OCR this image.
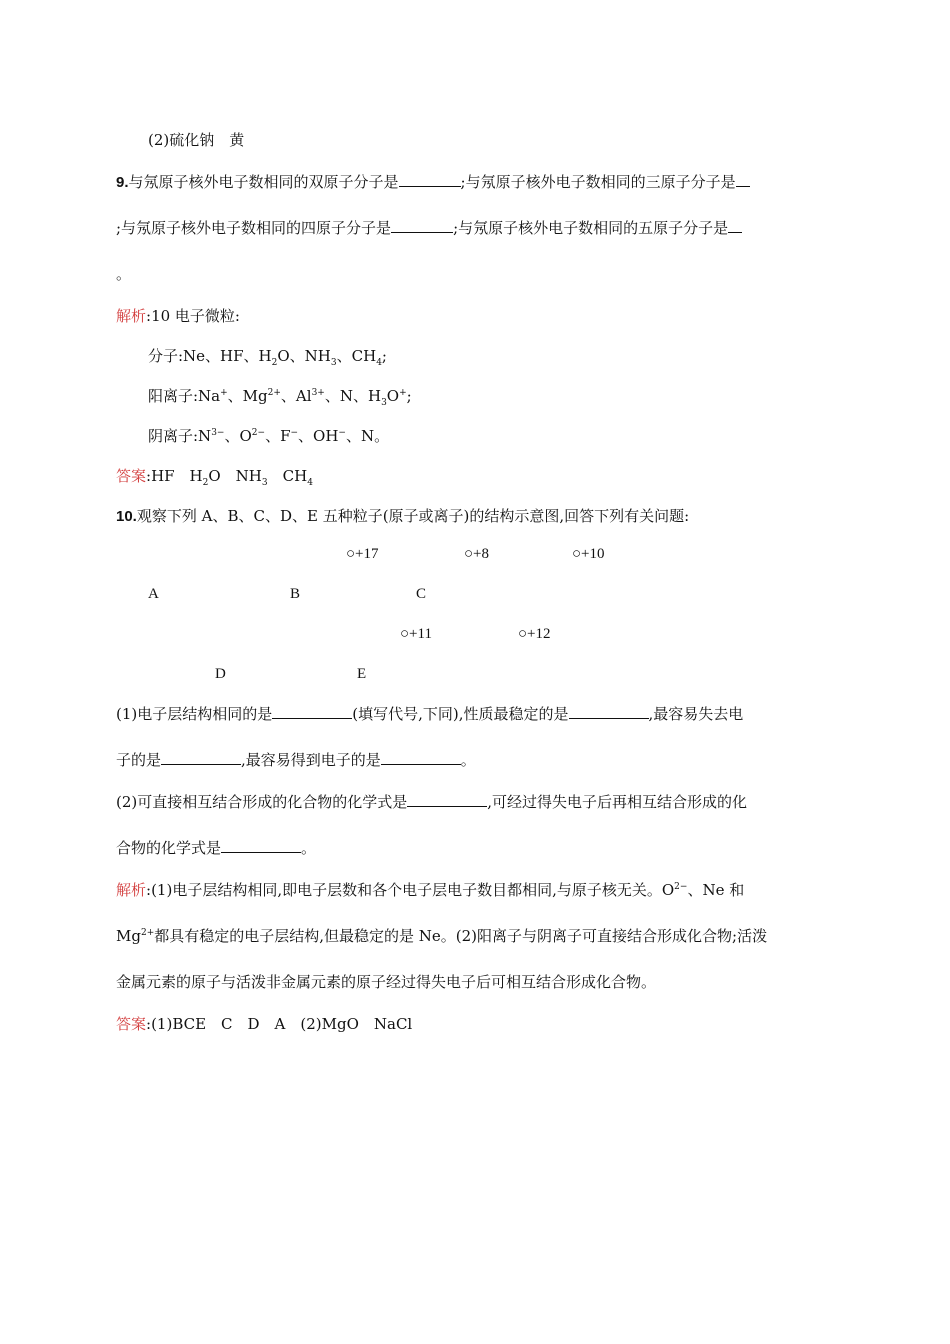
(2)硫化钠　黄
9.与氖原子核外电子数相同的双原子分子是	;与氖原子核外电子数相同的三原子分子是
;与氖原子核外电子数相同的四原子分子是	;与氖原子核外电子数相同的五原子分子是
。
解析:10 电子微粒:
分子:Ne、HF、$H_2O$、$NH_3$、$CH_4$;
阳离子:Na+、$Mg^{2+}$、$Al^{3+}$、N、$H_3O^+$;
阴离子$:N^{3-}$、$O^{2-}$、F−、OH−、N。
答案:HF　$H_2O$　$NH_3$　$CH_4$
10.观察下列 A、B、C、D、E 五种粒子(原子或离子)的结构示意图,回答下列有关问题:
○+17	○+8	○+10
A	B	C
○+11	○+12
D	E
(1)电子层结构相同的是	(填写代号,下同),性质最稳定的是	,最容易失去电
子的是	,最容易得到电子的是	。
(2)可直接相互结合形成的化合物的化学式是	,可经过得失电子后再相互结合形成的化
合物的化学式是	。
解析:(1)电子层结构相同,即电子层数和各个电子层电子数目都相同,与原子核无关。$O^{2-}$、Ne 和
$Mg^{2+}$都具有稳定的电子层结构,但最稳定的是 Ne。(2)阳离子与阴离子可直接结合形成化合物;活泼
金属元素的原子与活泼非金属元素的原子经过得失电子后可相互结合形成化合物。
答案:(1)BCE　C　D　A　(2)MgO　NaCl
